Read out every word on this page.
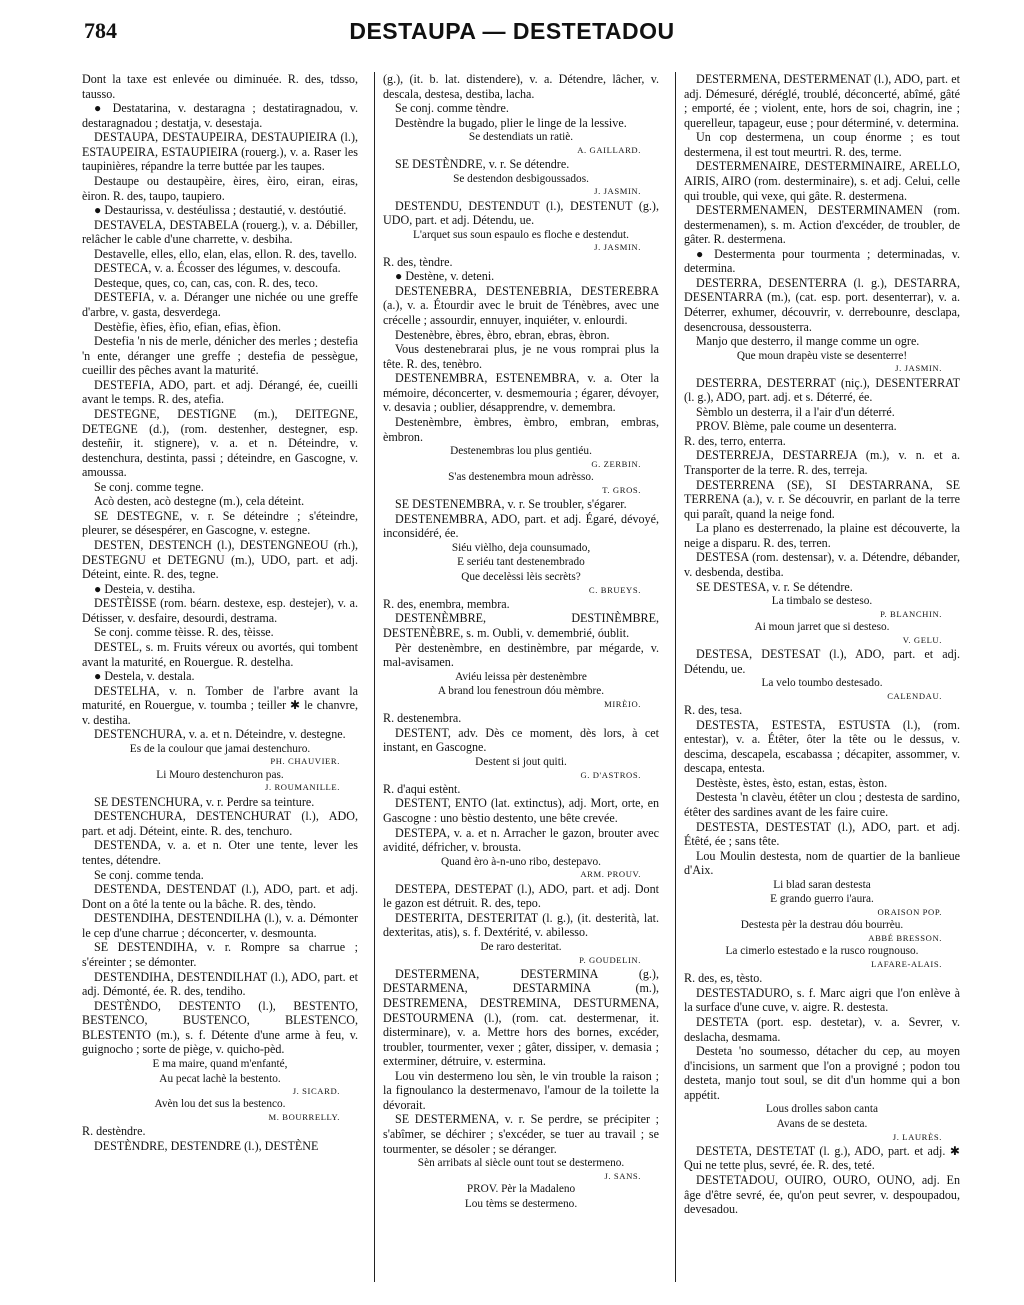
784	DESTAUPA — DESTETADOU

Dont la taxe est enlevée ou diminuée. R. des, tdsso, tausso.

● Destatarina, v. destaragna ; destatiragnadou, v. destaragnadou ; destatja, v. desestaja.

DESTAUPA, DESTAUPEIRA, DESTAUPIEIRA (l.), ESTAUPEIRA, ESTAUPIEIRA (rouerg.), v. a. Raser les taupinières, répandre la terre buttée par les taupes.

Destaupe ou destaupèire, èires, èiro, eiran, eiras, èiron. R. des, taupo, taupiero.

● Destaurissa, v. destéulissa ; destautié, v. destóutié.

DESTAVELA, DESTABELA (rouerg.), v. a. Débiller, relâcher le cable d'une charrette, v. desbiha.

Destavelle, elles, ello, elan, elas, ellon. R. des, tavello.

DESTECA, v. a. Écosser des légumes, v. descoufa.

Desteque, ques, co, can, cas, con. R. des, teco.

DESTEFIA, v. a. Déranger une nichée ou une greffe d'arbre, v. gasta, desverdega.

Destèfie, èfies, èfio, efian, efias, èfion.

Destefia 'n nis de merle, dénicher des merles ; destefia 'n ente, déranger une greffe ; destefia de pessègue, cueillir des pêches avant la maturité.

DESTEFIA, ADO, part. et adj. Dérangé, ée, cueilli avant le temps. R. des, atefia.

DESTEGNE, DESTIGNE (m.), DEITEGNE, DETEGNE (d.), (rom. destenher, destegner, esp. desteñir, it. stignere), v. a. et n. Déteindre, v. destenchura, destinta, passi ; déteindre, en Gascogne, v. amoussa.

Se conj. comme tegne.

Acò desten, acò destegne (m.), cela déteint.

SE DESTEGNE, v. r. Se déteindre ; s'éteindre, pleurer, se désespérer, en Gascogne, v. estegne.

DESTEN, DESTENCH (l.), DESTENGNEOU (rh.), DESTEGNU et DETEGNU (m.), UDO, part. et adj. Déteint, einte. R. des, tegne.

● Desteia, v. destiha.

DESTÈISSE (rom. béarn. destexe, esp. destejer), v. a. Détisser, v. desfaire, desourdi, destrama.

Se conj. comme tèisse. R. des, tèisse.

DESTEL, s. m. Fruits véreux ou avortés, qui tombent avant la maturité, en Rouergue. R. destelha.

● Destela, v. destala.

DESTELHA, v. n. Tomber de l'arbre avant la maturité, en Rouergue, v. toumba ; teiller ✱ le chanvre, v. destiha.

DESTENCHURA, v. a. et n. Déteindre, v. destegne.

Es de la coulour que jamai destenchuro.

PH. CHAUVIER.

Li Mouro destenchuron pas.

J. ROUMANILLE.

SE DESTENCHURA, v. r. Perdre sa teinture.

DESTENCHURA, DESTENCHURAT (l.), ADO, part. et adj. Déteint, einte. R. des, tenchuro.

DESTENDA, v. a. et n. Oter une tente, lever les tentes, détendre.

Se conj. comme tenda.

DESTENDA, DESTENDAT (l.), ADO, part. et adj. Dont on a ôté la tente ou la bâche. R. des, tèndo.

DESTENDIHA, DESTENDILHA (l.), v. a. Démonter le cep d'une charrue ; déconcerter, v. desmounta.

SE DESTENDIHA, v. r. Rompre sa charrue ; s'éreinter ; se démonter.

DESTENDIHA, DESTENDILHAT (l.), ADO, part. et adj. Démonté, ée. R. des, tendiho.

DESTÈNDO, DESTENTO (l.), BESTENTO, BESTENCO, BUSTENCO, BLESTENCO, BLESTENTO (m.), s. f. Détente d'une arme à feu, v. guignocho ; sorte de piège, v. quicho-pèd.

E ma maire, quand m'enfanté,

Au pecat lachè la bestento.

J. SICARD.

Avèn lou det sus la bestenco.

M. BOURRELLY.

R. destèndre.

DESTÈNDRE, DESTENDRE (l.), DESTÈNE

(g.), (it. b. lat. distendere), v. a. Détendre, lâcher, v. descala, destesa, destiba, lacha.

Se conj. comme tèndre.

Destèndre la bugado, plier le linge de la lessive.

Se destendiats un ratiè.

A. GAILLARD.

SE DESTÈNDRE, v. r. Se détendre.

Se destendon desbigoussados.

J. JASMIN.

DESTENDU, DESTENDUT (l.), DESTENUT (g.), UDO, part. et adj. Détendu, ue.

L'arquet sus soun espaulo es floche e destendut.

J. JASMIN.

R. des, tèndre.

● Destène, v. deteni.

DESTENEBRA, DESTENEBRIA, DESTEREBRA (a.), v. a. Étourdir avec le bruit de Ténèbres, avec une crécelle ; assourdir, ennuyer, inquiéter, v. enlourdi.

Destenèbre, èbres, èbro, ebran, ebras, èbron.

Vous destenebrarai plus, je ne vous romprai plus la tête. R. des, tenèbro.

DESTENEMBRA, ESTENEMBRA, v. a. Oter la mémoire, déconcerter, v. desmemouria ; égarer, dévoyer, v. desavia ; oublier, désapprendre, v. demembra.

Destenèmbre, èmbres, èmbro, embran, embras, èmbron.

Destenembras lou plus gentiéu.

G. ZERBIN.

S'as destenembra moun adrèsso.

T. GROS.

SE DESTENEMBRA, v. r. Se troubler, s'égarer.

DESTENEMBRA, ADO, part. et adj. Égaré, dévoyé, inconsidéré, ée.

Siéu vièlho, deja counsumado,

E seriéu tant destenembrado

Que decelèssi lèis secrèts?

C. BRUEYS.

R. des, enembra, membra.

DESTENÈMBRE, DESTINÈMBRE, DESTENÈBRE, s. m. Oubli, v. demembrié, óublit.

Pèr destenèmbre, en destinèmbre, par mégarde, v. mal-avisamen.

Aviéu leissa pèr destenèmbre

A brand lou fenestroun dóu mèmbre.

MIRÈIO.

R. destenembra.

DESTENT, adv. Dès ce moment, dès lors, à cet instant, en Gascogne.

Destent si jout quiti.

G. D'ASTROS.

R. d'aqui estènt.

DESTENT, ENTO (lat. extinctus), adj. Mort, orte, en Gascogne : uno bèstio destento, une bête crevée.

DESTEPA, v. a. et n. Arracher le gazon, brouter avec avidité, défricher, v. brousta.

Quand èro à-n-uno ribo, destepavo.

ARM. PROUV.

DESTEPA, DESTEPAT (l.), ADO, part. et adj. Dont le gazon est détruit. R. des, tepo.

DESTERITA, DESTERITAT (l. g.), (it. desterità, lat. dexteritas, atis), s. f. Dextérité, v. abilesso.

De raro desteritat.

P. GOUDELIN.

DESTERMENA, DESTERMINA (g.), DESTARMENA, DESTARMINA (m.), DESTREMENA, DESTREMINA, DESTURMENA, DESTOURMENA (l.), (rom. cat. destermenar, it. disterminare), v. a. Mettre hors des bornes, excéder, troubler, tourmenter, vexer ; gâter, dissiper, v. demasia ; exterminer, détruire, v. estermina.

Lou vin destermeno lou sèn, le vin trouble la raison ; la fignoulanco la destermenavo, l'amour de la toilette la dévorait.

SE DESTERMENA, v. r. Se perdre, se précipiter ; s'abîmer, se déchirer ; s'excéder, se tuer au travail ; se tourmenter, se désoler ; se déranger.

Sèn arribats al siècle ount tout se destermeno.

J. SANS.

PROV. Pèr la Madaleno

Lou tèms se destermeno.

DESTERMENA, DESTERMENAT (l.), ADO, part. et adj. Démesuré, déréglé, troublé, déconcerté, abîmé, gâté ; emporté, ée ; violent, ente, hors de soi, chagrin, ine ; querelleur, tapageur, euse ; pour déterminé, v. determina.

Un cop destermena, un coup énorme ; es tout destermena, il est tout meurtri. R. des, terme.

DESTERMENAIRE, DESTERMINAIRE, ARELLO, AIRIS, AIRO (rom. desterminaire), s. et adj. Celui, celle qui trouble, qui vexe, qui gâte. R. destermena.

DESTERMENAMEN, DESTERMINAMEN (rom. destermenamen), s. m. Action d'excéder, de troubler, de gâter. R. destermena.

● Destermenta pour tourmenta ; determinadas, v. determina.

DESTERRA, DESENTERRA (l. g.), DESTARRA, DESENTARRA (m.), (cat. esp. port. desenterrar), v. a. Déterrer, exhumer, découvrir, v. derrebounre, desclapa, desencrousa, dessousterra.

Manjo que desterro, il mange comme un ogre.

Que moun drapèu viste se desenterre!

J. JASMIN.

DESTERRA, DESTERRAT (niç.), DESENTERRAT (l. g.), ADO, part. adj. et s. Déterré, ée.

Sèmblo un desterra, il a l'air d'un déterré.

PROV. Blème, pale coume un desenterra.

R. des, terro, enterra.

DESTERREJA, DESTARREJA (m.), v. n. et a. Transporter de la terre. R. des, terreja.

DESTERRENA (SE), SI DESTARRANA, SE TERRENA (a.), v. r. Se découvrir, en parlant de la terre qui paraît, quand la neige fond.

La plano es desterrenado, la plaine est découverte, la neige a disparu. R. des, terren.

DESTESA (rom. destensar), v. a. Détendre, débander, v. desbenda, destiba.

SE DESTESA, v. r. Se détendre.

La timbalo se desteso.

P. BLANCHIN.

Ai moun jarret que si desteso.

V. GELU.

DESTESA, DESTESAT (l.), ADO, part. et adj. Détendu, ue.

La velo toumbo destesado.

CALENDAU.

R. des, tesa.

DESTESTA, ESTESTA, ESTUSTA (l.), (rom. entestar), v. a. Étêter, ôter la tête ou le dessus, v. descima, descapela, escabassa ; décapiter, assommer, v. descapa, entesta.

Destèste, èstes, èsto, estan, estas, èston.

Destesta 'n clavèu, étêter un clou ; destesta de sardino, étêter des sardines avant de les faire cuire.

DESTESTA, DESTESTAT (l.), ADO, part. et adj. Étêté, ée ; sans tête.

Lou Moulin destesta, nom de quartier de la banlieue d'Aix.

Li blad saran destesta

E grando guerro i'aura.

ORAISON POP.

Destesta pèr la destrau dóu bourrèu.

ABBÉ BRESSON.

La cimerlo estestado e la rusco rougnouso.

LAFARE-ALAIS.

R. des, es, tèsto.

DESTESTADURO, s. f. Marc aigri que l'on enlève à la surface d'une cuve, v. aigre. R. destesta.

DESTETA (port. esp. destetar), v. a. Sevrer, v. deslacha, desmama.

Desteta 'no soumesso, détacher du cep, au moyen d'incisions, un sarment que l'on a provigné ; podon tou desteta, manjo tout soul, se dit d'un homme qui a bon appétit.

Lous drolles sabon canta

Avans de se desteta.

J. LAURÈS.

DESTETA, DESTETAT (l. g.), ADO, part. et adj. ✱ Qui ne tette plus, sevré, ée. R. des, teté.

DESTETADOU, OUIRO, OURO, OUNO, adj. En âge d'être sevré, ée, qu'on peut sevrer, v. despoupadou, devesadou.
